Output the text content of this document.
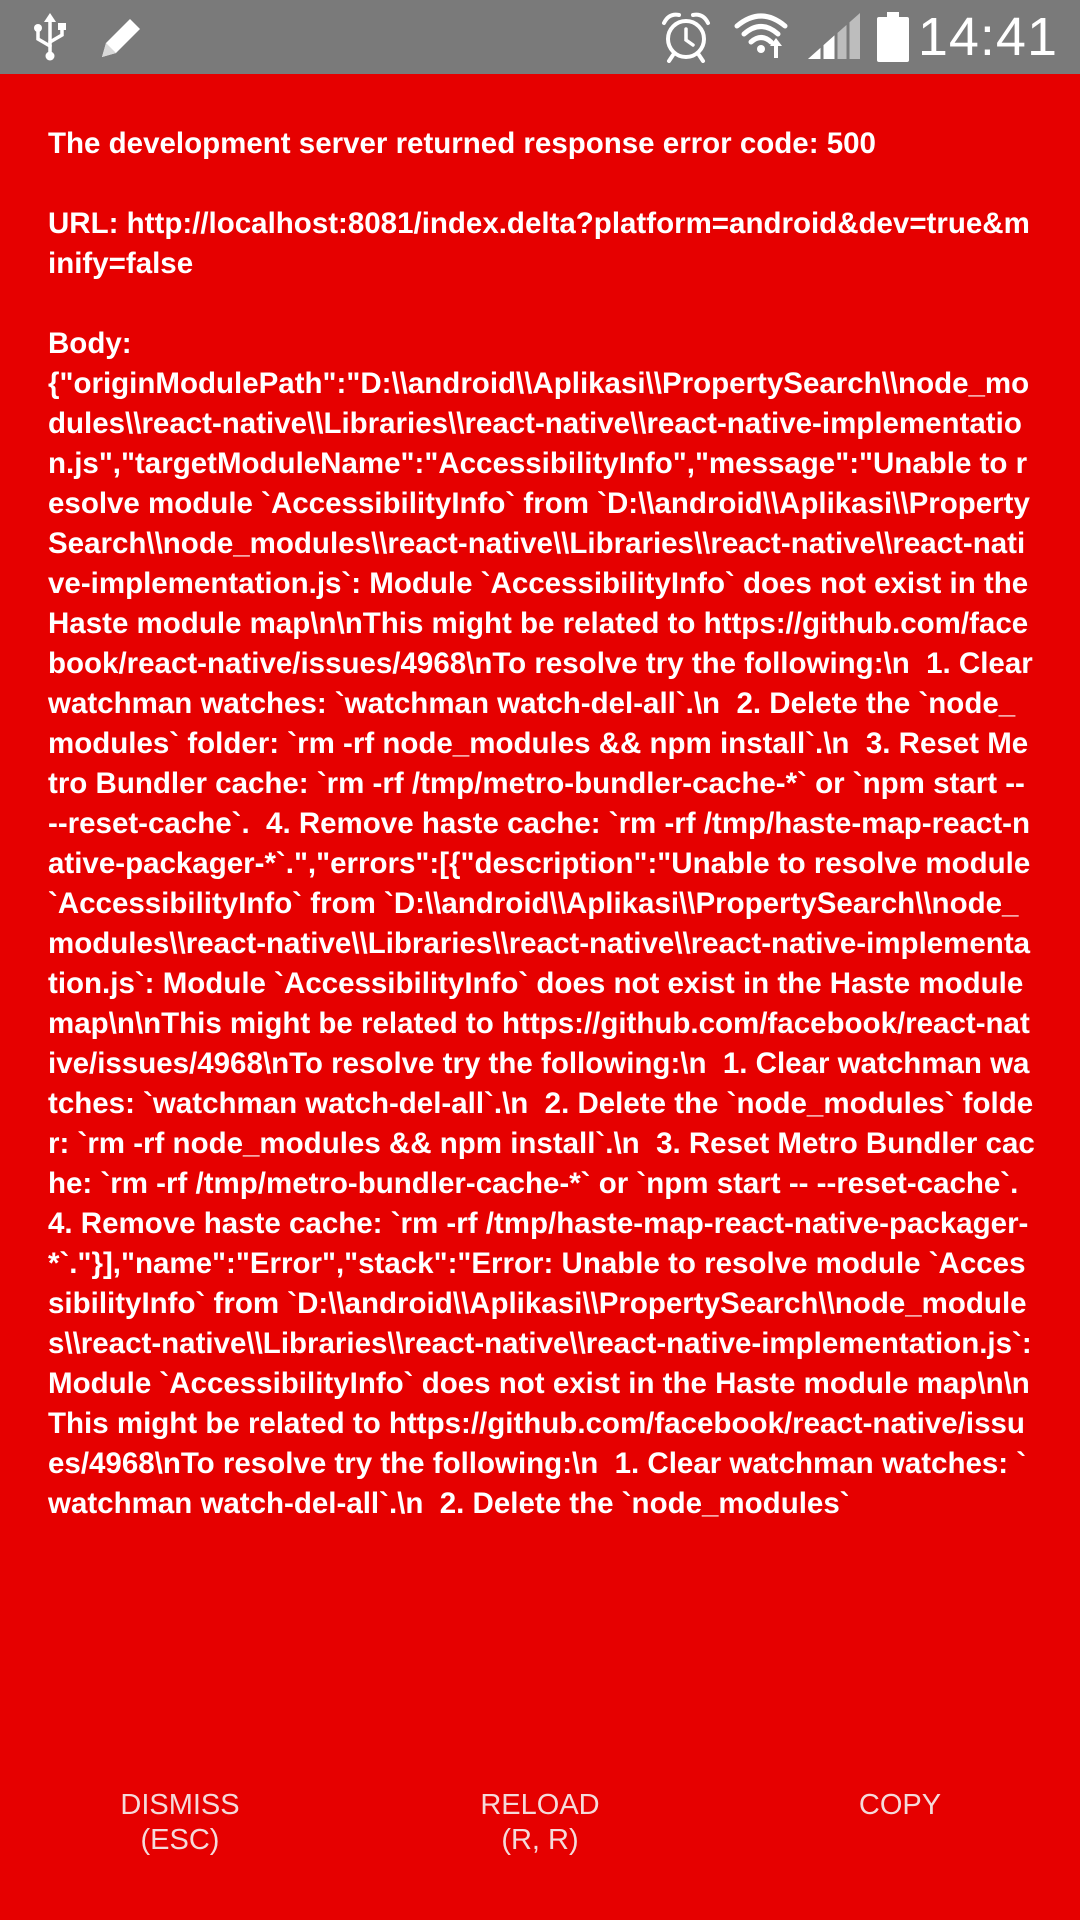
14:41
The development server returned response error code: 500

URL: http://localhost:8081/index.delta?platform=android&dev=true&minify=false

Body:
{"originModulePath":"D:\\android\\Aplikasi\\PropertySearch\\node_modules\\react-native\\Libraries\\react-native\\react-native-implementation.js","targetModuleName":"AccessibilityInfo","message":"Unable to resolve module `AccessibilityInfo` from `D:\\android\\Aplikasi\\PropertySearch\\node_modules\\react-native\\Libraries\\react-native\\react-native-implementation.js`: Module `AccessibilityInfo` does not exist in the Haste module map\n\nThis might be related to https://github.com/facebook/react-native/issues/4968\nTo resolve try the following:\n  1. Clear watchman watches: `watchman watch-del-all`.\n  2. Delete the `node_modules` folder: `rm -rf node_modules && npm install`.\n  3. Reset Metro Bundler cache: `rm -rf /tmp/metro-bundler-cache-*` or `npm start -- --reset-cache`.  4. Remove haste cache: `rm -rf /tmp/haste-map-react-native-packager-*`.","errors":[{"description":"Unable to resolve module `AccessibilityInfo` from `D:\\android\\Aplikasi\\PropertySearch\\node_modules\\react-native\\Libraries\\react-native\\react-native-implementation.js`: Module `AccessibilityInfo` does not exist in the Haste module map\n\nThis might be related to https://github.com/facebook/react-native/issues/4968\nTo resolve try the following:\n  1. Clear watchman watches: `watchman watch-del-all`.\n  2. Delete the `node_modules` folder: `rm -rf node_modules && npm install`.\n  3. Reset Metro Bundler cache: `rm -rf /tmp/metro-bundler-cache-*` or `npm start -- --reset-cache`.  4. Remove haste cache: `rm -rf /tmp/haste-map-react-native-packager-*`."}],"name":"Error","stack":"Error: Unable to resolve module `AccessibilityInfo` from `D:\\android\\Aplikasi\\PropertySearch\\node_modules\\react-native\\Libraries\\react-native\\react-native-implementation.js`: Module `AccessibilityInfo` does not exist in the Haste module map\n\nThis might be related to https://github.com/facebook/react-native/issues/4968\nTo resolve try the following:\n  1. Clear watchman watches: `watchman watch-del-all`.\n  2. Delete the `node_modules`
DISMISS
(ESC)
RELOAD
(R, R)
COPY
